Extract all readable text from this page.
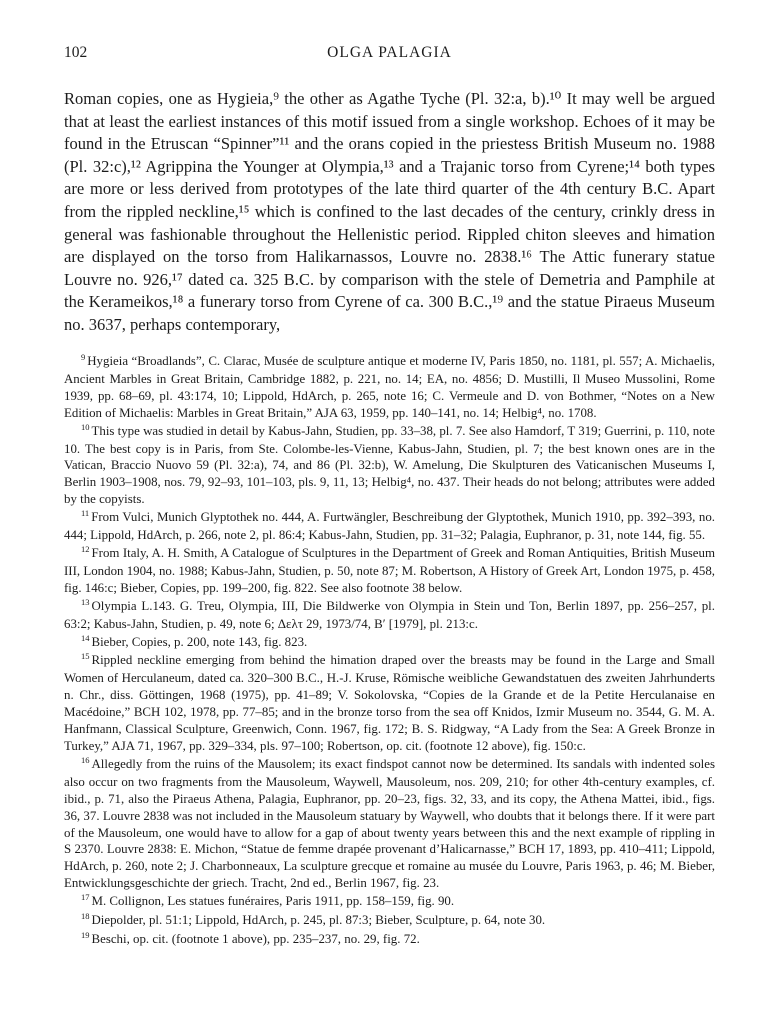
102	OLGA PALAGIA

Roman copies, one as Hygieia,⁹ the other as Agathe Tyche (Pl. 32:a, b).¹⁰ It may well be argued that at least the earliest instances of this motif issued from a single workshop. Echoes of it may be found in the Etruscan “Spinner”¹¹ and the orans copied in the priestess British Museum no. 1988 (Pl. 32:c),¹² Agrippina the Younger at Olympia,¹³ and a Trajanic torso from Cyrene;¹⁴ both types are more or less derived from prototypes of the late third quarter of the 4th century B.C. Apart from the rippled neckline,¹⁵ which is confined to the last decades of the century, crinkly dress in general was fashionable throughout the Hellenistic period. Rippled chiton sleeves and himation are displayed on the torso from Halikarnassos, Louvre no. 2838.¹⁶ The Attic funerary statue Louvre no. 926,¹⁷ dated ca. 325 B.C. by comparison with the stele of Demetria and Pamphile at the Kerameikos,¹⁸ a funerary torso from Cyrene of ca. 300 B.C.,¹⁹ and the statue Piraeus Museum no. 3637, perhaps contemporary,

$^9$ Hygieia “Broadlands”, C. Clarac, Musée de sculpture antique et moderne IV, Paris 1850, no. 1181, pl. 557; A. Michaelis, Ancient Marbles in Great Britain, Cambridge 1882, p. 221, no. 14; EA, no. 4856; D. Mustilli, Il Museo Mussolini, Rome 1939, pp. 68–69, pl. 43:174, 10; Lippold, HdArch, p. 265, note 16; C. Vermeule and D. von Bothmer, “Notes on a New Edition of Michaelis: Marbles in Great Britain,” AJA 63, 1959, pp. 140–141, no. 14; Helbig⁴, no. 1708.

$^{10}$ This type was studied in detail by Kabus-Jahn, Studien, pp. 33–38, pl. 7. See also Hamdorf, T 319; Guerrini, p. 110, note 10. The best copy is in Paris, from Ste. Colombe-les-Vienne, Kabus-Jahn, Studien, pl. 7; the best known ones are in the Vatican, Braccio Nuovo 59 (Pl. 32:a), 74, and 86 (Pl. 32:b), W. Amelung, Die Skulpturen des Vaticanischen Museums I, Berlin 1903–1908, nos. 79, 92–93, 101–103, pls. 9, 11, 13; Helbig⁴, no. 437. Their heads do not belong; attributes were added by the copyists.

$^{11}$ From Vulci, Munich Glyptothek no. 444, A. Furtwängler, Beschreibung der Glyptothek, Munich 1910, pp. 392–393, no. 444; Lippold, HdArch, p. 266, note 2, pl. 86:4; Kabus-Jahn, Studien, pp. 31–32; Palagia, Euphranor, p. 31, note 144, fig. 55.

$^{12}$ From Italy, A. H. Smith, A Catalogue of Sculptures in the Department of Greek and Roman Antiquities, British Museum III, London 1904, no. 1988; Kabus-Jahn, Studien, p. 50, note 87; M. Robertson, A History of Greek Art, London 1975, p. 458, fig. 146:c; Bieber, Copies, pp. 199–200, fig. 822. See also footnote 38 below.

$^{13}$ Olympia L.143. G. Treu, Olympia, III, Die Bildwerke von Olympia in Stein und Ton, Berlin 1897, pp. 256–257, pl. 63:2; Kabus-Jahn, Studien, p. 49, note 6; Δελτ 29, 1973/74, Β′ [1979], pl. 213:c.

$^{14}$ Bieber, Copies, p. 200, note 143, fig. 823.

$^{15}$ Rippled neckline emerging from behind the himation draped over the breasts may be found in the Large and Small Women of Herculaneum, dated ca. 320–300 B.C., H.-J. Kruse, Römische weibliche Gewandstatuen des zweiten Jahrhunderts n. Chr., diss. Göttingen, 1968 (1975), pp. 41–89; V. Sokolovska, “Copies de la Grande et de la Petite Herculanaise en Macédoine,” BCH 102, 1978, pp. 77–85; and in the bronze torso from the sea off Knidos, Izmir Museum no. 3544, G. M. A. Hanfmann, Classical Sculpture, Greenwich, Conn. 1967, fig. 172; B. S. Ridgway, “A Lady from the Sea: A Greek Bronze in Turkey,” AJA 71, 1967, pp. 329–334, pls. 97–100; Robertson, op. cit. (footnote 12 above), fig. 150:c.

$^{16}$ Allegedly from the ruins of the Mausolem; its exact findspot cannot now be determined. Its sandals with indented soles also occur on two fragments from the Mausoleum, Waywell, Mausoleum, nos. 209, 210; for other 4th-century examples, cf. ibid., p. 71, also the Piraeus Athena, Palagia, Euphranor, pp. 20–23, figs. 32, 33, and its copy, the Athena Mattei, ibid., figs. 36, 37. Louvre 2838 was not included in the Mausoleum statuary by Waywell, who doubts that it belongs there. If it were part of the Mausoleum, one would have to allow for a gap of about twenty years between this and the next example of rippling in S 2370. Louvre 2838: E. Michon, “Statue de femme drapée provenant d’Halicarnasse,” BCH 17, 1893, pp. 410–411; Lippold, HdArch, p. 260, note 2; J. Charbonneaux, La sculpture grecque et romaine au musée du Louvre, Paris 1963, p. 46; M. Bieber, Entwicklungsgeschichte der griech. Tracht, 2nd ed., Berlin 1967, fig. 23.

$^{17}$ M. Collignon, Les statues funéraires, Paris 1911, pp. 158–159, fig. 90.

$^{18}$ Diepolder, pl. 51:1; Lippold, HdArch, p. 245, pl. 87:3; Bieber, Sculpture, p. 64, note 30.

$^{19}$ Beschi, op. cit. (footnote 1 above), pp. 235–237, no. 29, fig. 72.
